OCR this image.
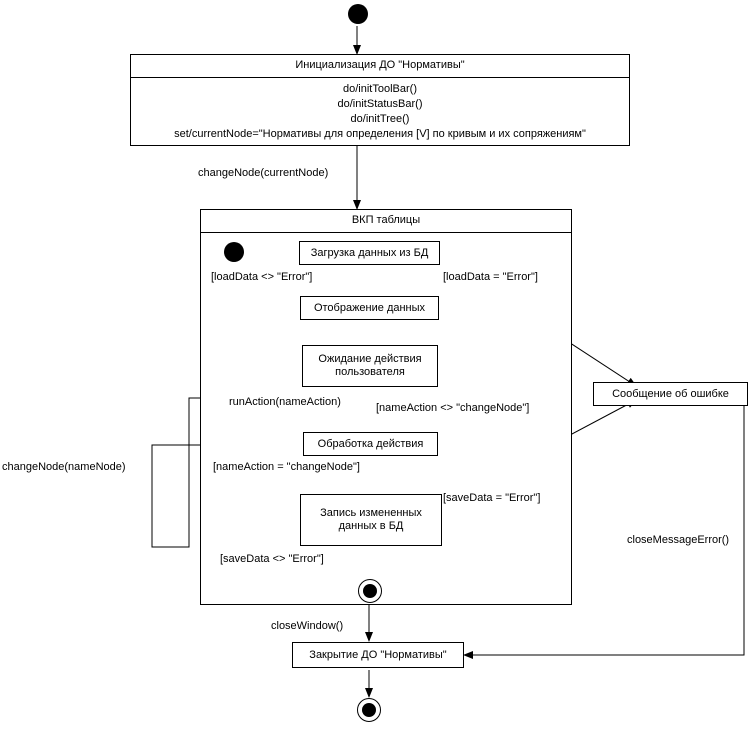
Инициализация ДО "Нормативы"
do/initToolBar()
do/initStatusBar()
do/initTree()
set/currentNode="Нормативы для определения [V] по кривым и их сопряжениям"
changeNode(currentNode)
ВКП таблицы
Загрузка данных из БД
Отображение данных
Ожидание действия пользователя
Обработка действия
Запись измененных данных в БД
Сообщение об ошибке
Закрытие ДО "Нормативы"
[loadData <> "Error"]	[loadData = "Error"]
runAction(nameAction)	[nameAction <> "changeNode"]
[nameAction = "changeNode"]
[saveData = "Error"]
[saveData <> "Error"]
changeNode(nameNode)
closeWindow()
closeMessageError()
